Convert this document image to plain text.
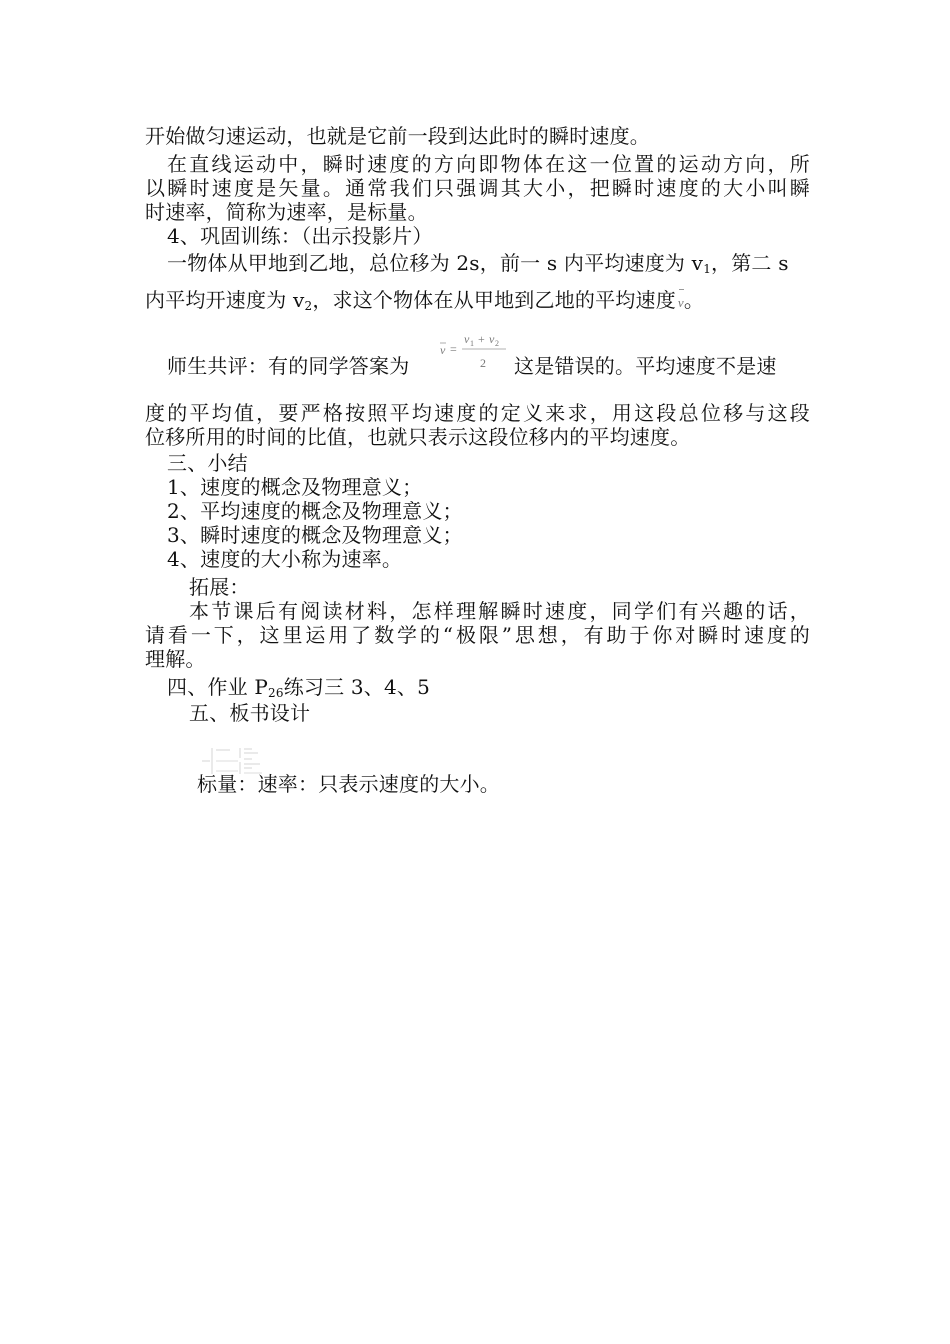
开始做匀速运动，也就是它前一段到达此时的瞬时速度。
在直线运动中，瞬时速度的方向即物体在这一位置的运动方向，所
以瞬时速度是矢量。通常我们只强调其大小，把瞬时速度的大小叫瞬
时速率，简称为速率，是标量。
4、巩固训练：（出示投影片）
一物体从甲地到乙地，总位移为 2s，前一 s 内平均速度为 $v_1$，第二 s
内平均开速度为 $v_2$，求这个物体在从甲地到乙地的平均速度 v。
师生共评：有的同学答案为
v =
v 1 + v 2
2 这是错误的。平均速度不是速
度的平均值，要严格按照平均速度的定义来求，用这段总位移与这段
位移所用的时间的比值，也就只表示这段位移内的平均速度。
三、小结
1、速度的概念及物理意义；
2、平均速度的概念及物理意义；
3、瞬时速度的概念及物理意义；
4、速度的大小称为速率。
拓展：
本节课后有阅读材料，怎样理解瞬时速度，同学们有兴趣的话，
请看一下，这里运用了数学的“极限”思想，有助于你对瞬时速度的
理解。
四、作业 $P_{26}$练习三 3、4、5
五、板书设计
标量：速率：只表示速度的大小。
